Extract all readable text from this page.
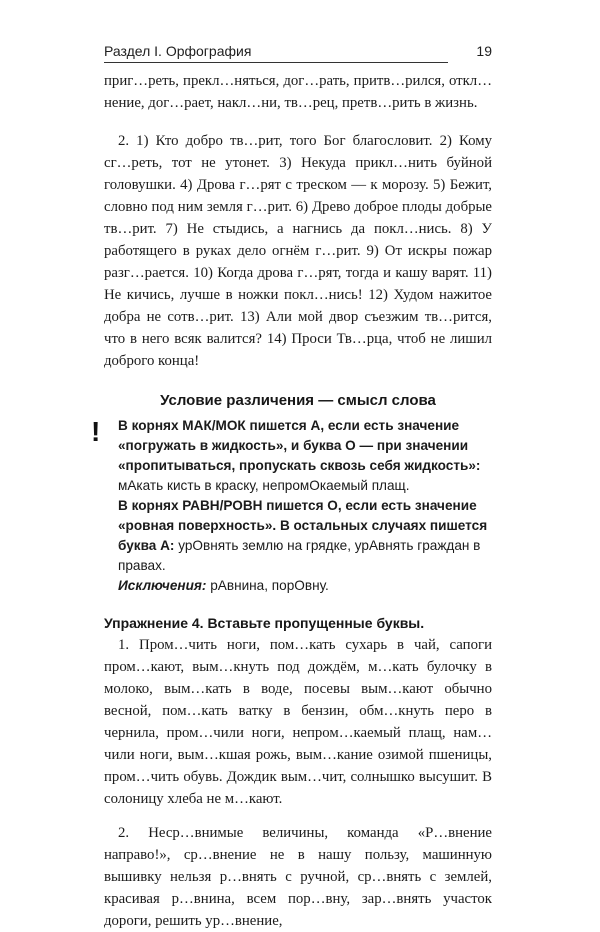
Раздел I. Орфография	19

приг…реть, прекл…няться, дог…рать, притв…рился, откл…нение, дог…рает, накл…ни, тв…рец, претв…рить в жизнь.

2. 1) Кто добро тв…рит, того Бог благословит. 2) Кому сг…реть, тот не утонет. 3) Некуда прикл…нить буйной головушки. 4) Дрова г…рят с треском — к морозу. 5) Бежит, словно под ним земля г…рит. 6) Древо доброе плоды добрые тв…рит. 7) Не стыдись, а нагнись да покл…нись. 8) У работящего в руках дело огнём г…рит. 9) От искры пожар разг…рается. 10) Когда дрова г…рят, тогда и кашу варят. 11) Не кичись, лучше в ножки покл…нись! 12) Худом нажитое добра не сотв…рит. 13) Али мой двор съезжим тв…рится, что в него всяк валится? 14) Проси Тв…рца, чтоб не лишил доброго конца!

Условие различения — смысл слова
! В корнях МАК/МОК пишется А, если есть значение «погружать в жидкость», и буква О — при значении «пропитываться, пропускать сквозь себя жидкость»: мАкать кисть в краску, непромОкаемый плащ.

В корнях РАВН/РОВН пишется О, если есть значение «ровная поверхность». В остальных случаях пишется буква А: урОвнять землю на грядке, урАвнять граждан в правах.

Исключения: рАвнина, порОвну.

Упражнение 4. Вставьте пропущенные буквы.

1. Пром…чить ноги, пом…кать сухарь в чай, сапоги пром…кают, вым…кнуть под дождём, м…кать булочку в молоко, вым…кать в воде, посевы вым…кают обычно весной, пом…кать ватку в бензин, обм…кнуть перо в чернила, пром…чили ноги, непром…каемый плащ, нам…чили ноги, вым…кшая рожь, вым…кание озимой пшеницы, пром…чить обувь. Дождик вым…чит, солнышко высушит. В солоницу хлеба не м…кают.

2. Неср…внимые величины, команда «Р…внение направо!», ср…внение не в нашу пользу, машинную вышивку нельзя р…внять с ручной, ср…внять с землей, красивая р…внина, всем пор…вну, зар…внять участок дороги, решить ур…внение,
